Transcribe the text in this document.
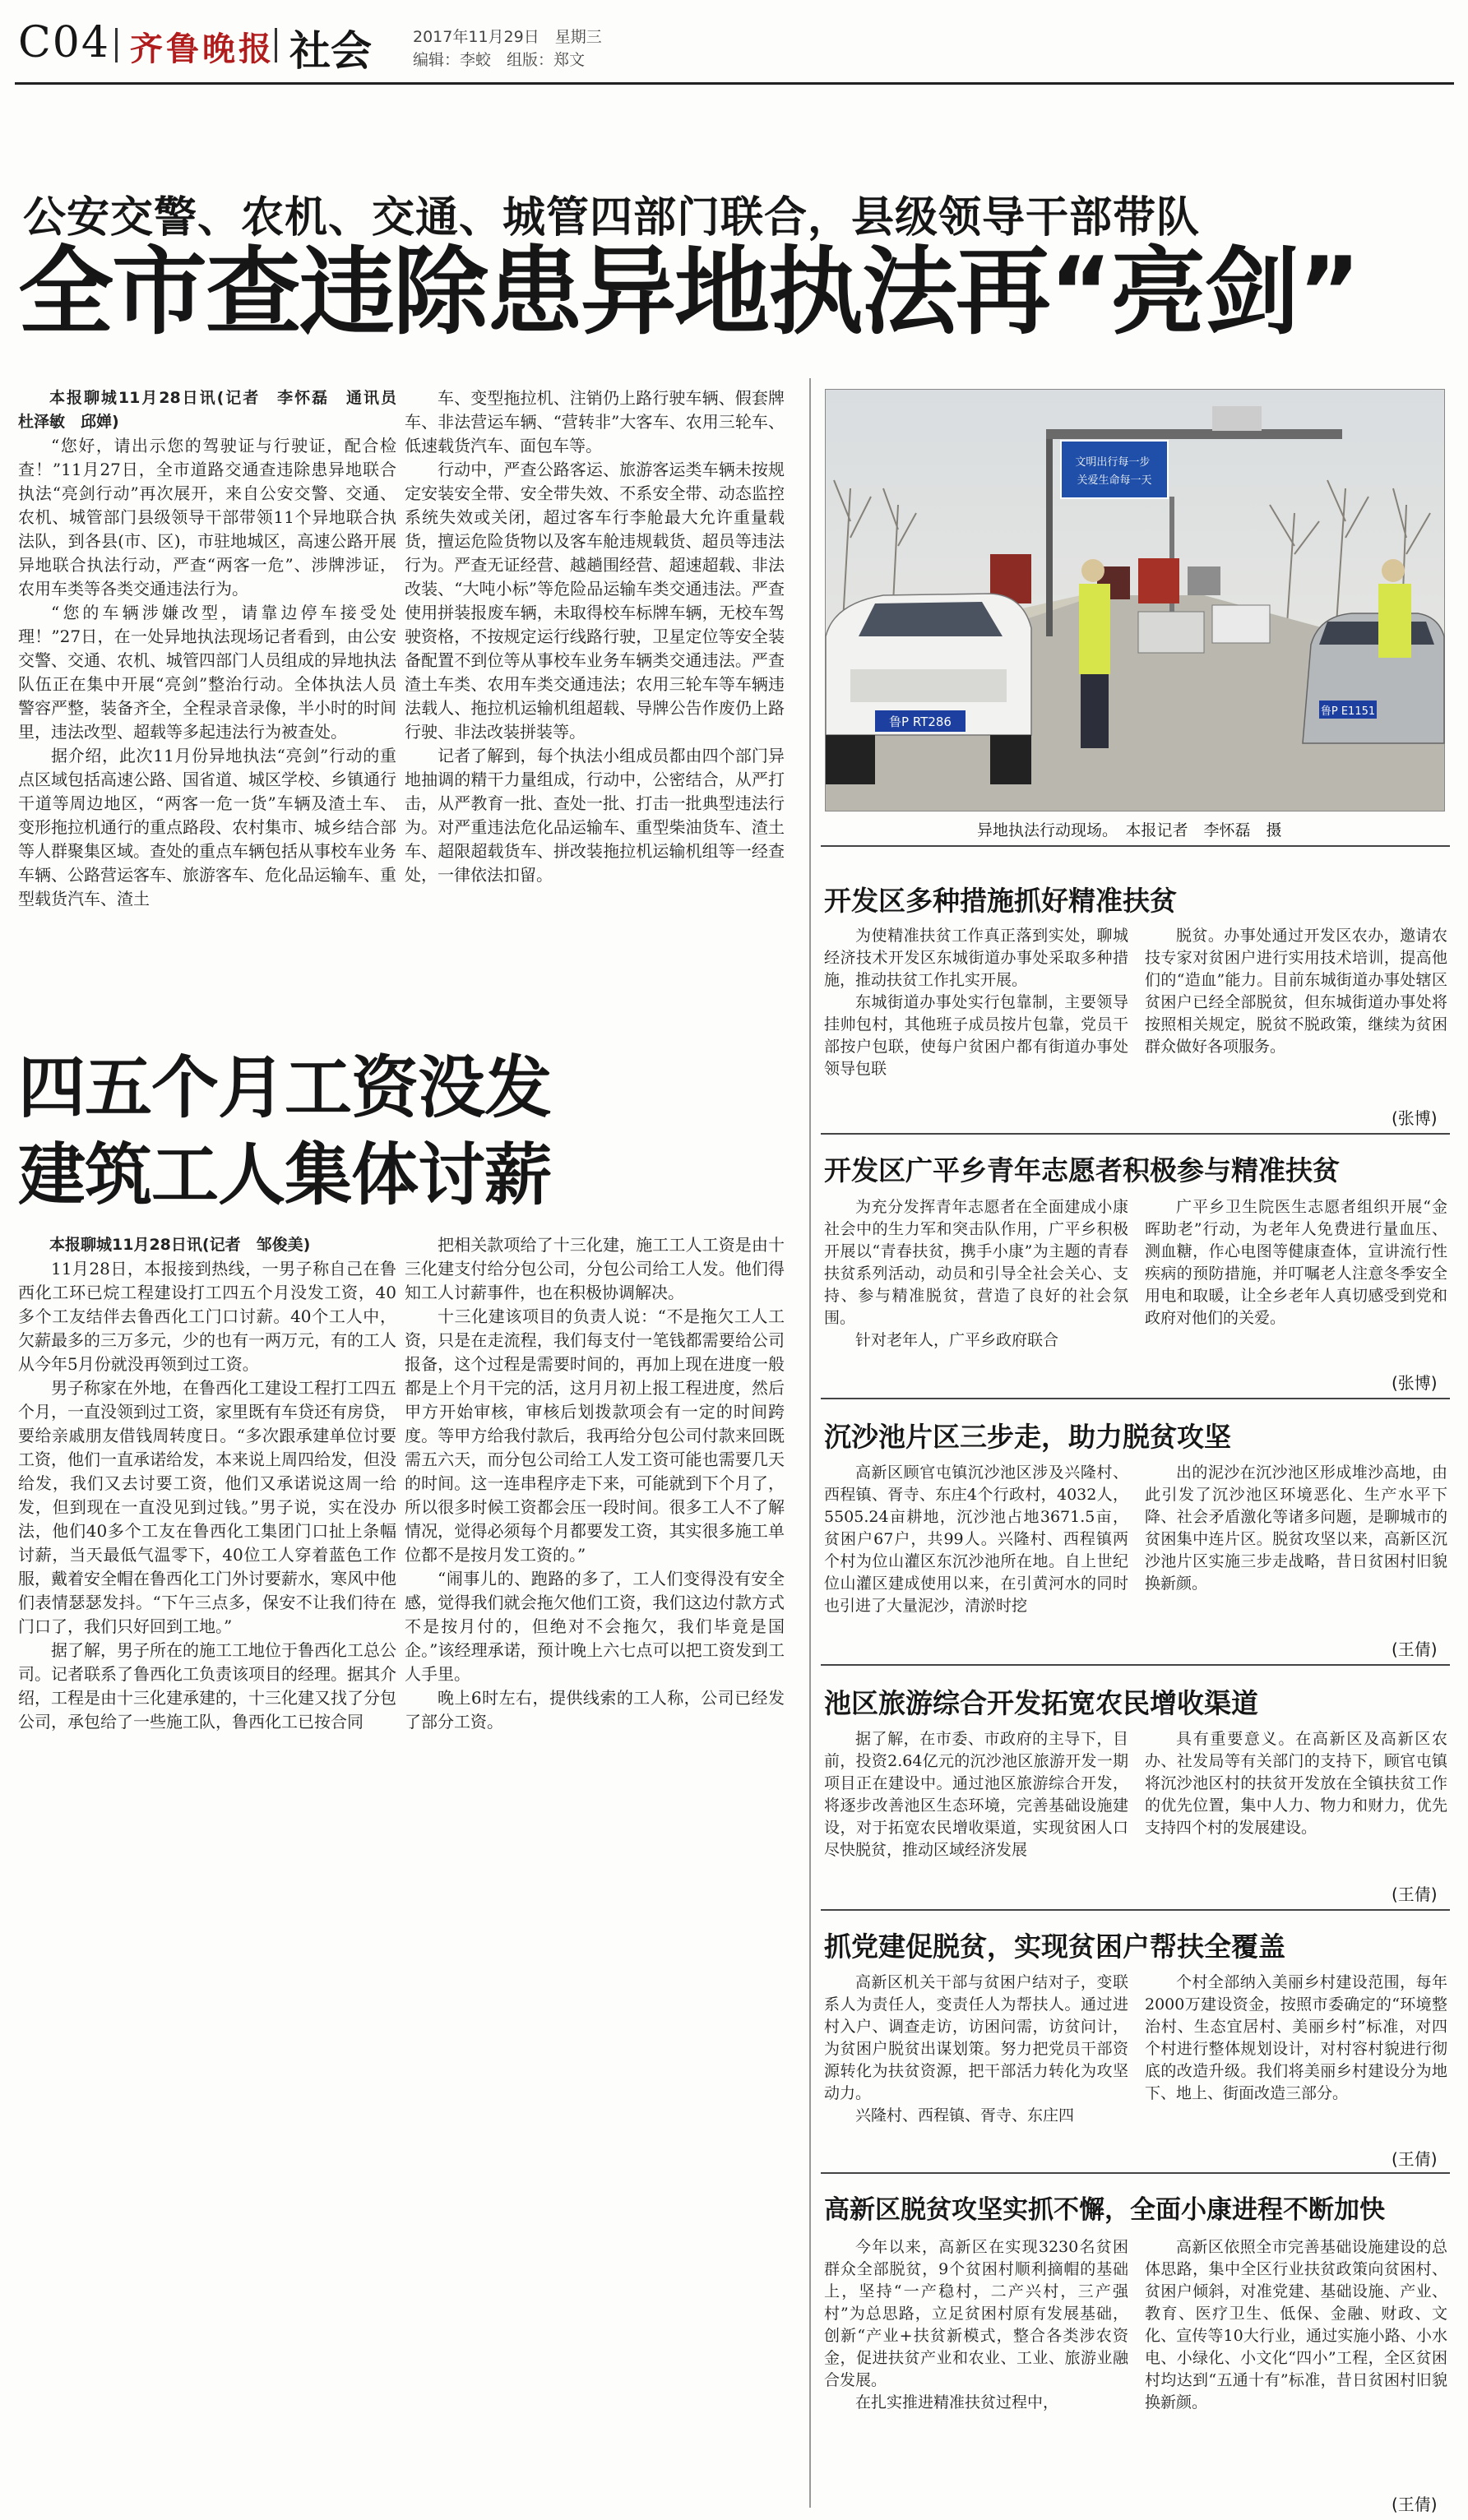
C04 齐鲁晚报 社会	2017年11月29日　星期三
编辑：李蛟　组版：郑文
公安交警、农机、交通、城管四部门联合，县级领导干部带队
全市查违除患异地执法再“亮剑”

本报聊城11月28日讯(记者　李怀磊　通讯员　杜泽敏　邱婵)

“您好，请出示您的驾驶证与行驶证，配合检查！”11月27日，全市道路交通查违除患异地联合执法“亮剑行动”再次展开，来自公安交警、交通、农机、城管部门县级领导干部带领11个异地联合执法队，到各县(市、区)，市驻地城区，高速公路开展异地联合执法行动，严查“两客一危”、涉牌涉证，农用车类等各类交通违法行为。

“您的车辆涉嫌改型，请靠边停车接受处理！”27日，在一处异地执法现场记者看到，由公安交警、交通、农机、城管四部门人员组成的异地执法队伍正在集中开展“亮剑”整治行动。全体执法人员警容严整，装备齐全，全程录音录像，半小时的时间里，违法改型、超载等多起违法行为被查处。

据介绍，此次11月份异地执法“亮剑”行动的重点区域包括高速公路、国省道、城区学校、乡镇通行干道等周边地区，“两客一危一货”车辆及渣土车、变形拖拉机通行的重点路段、农村集市、城乡结合部等人群聚集区域。查处的重点车辆包括从事校车业务车辆、公路营运客车、旅游客车、危化品运输车、重型载货汽车、渣土

车、变型拖拉机、注销仍上路行驶车辆、假套牌车、非法营运车辆、“营转非”大客车、农用三轮车、低速载货汽车、面包车等。

行动中，严查公路客运、旅游客运类车辆未按规定安装安全带、安全带失效、不系安全带、动态监控系统失效或关闭，超过客车行李舱最大允许重量载货，擅运危险货物以及客车舱违规载货、超员等违法行为。严查无证经营、越趟围经营、超速超载、非法改装、“大吨小标”等危险品运输车类交通违法。严查使用拼装报废车辆，未取得校车标牌车辆，无校车驾驶资格，不按规定运行线路行驶，卫星定位等安全装备配置不到位等从事校车业务车辆类交通违法。严查渣土车类、农用车类交通违法；农用三轮车等车辆违法载人、拖拉机运输机组超载、导牌公告作废仍上路行驶、非法改装拼装等。

记者了解到，每个执法小组成员都由四个部门异地抽调的精干力量组成，行动中，公密结合，从严打击，从严教育一批、查处一批、打击一批典型违法行为。对严重违法危化品运输车、重型柴油货车、渣土车、超限超载货车、拼改装拖拉机运输机组等一经查处，一律依法扣留。

文明出行每一步 关爱生命每一天
鲁P RT286
鲁P E1151
异地执法行动现场。　本报记者　李怀磊　摄
四五个月工资没发
建筑工人集体讨薪

本报聊城11月28日讯(记者　邹俊美)

11月28日，本报接到热线，一男子称自己在鲁西化工环已烷工程建设打工四五个月没发工资，40多个工友结伴去鲁西化工门口讨薪。40个工人中，欠薪最多的三万多元，少的也有一两万元，有的工人从今年5月份就没再领到过工资。

男子称家在外地，在鲁西化工建设工程打工四五个月，一直没领到过工资，家里既有车贷还有房贷，要给亲戚朋友借钱周转度日。“多次跟承建单位讨要工资，他们一直承诺给发，本来说上周四给发，但没给发，我们又去讨要工资，他们又承诺说这周一给发，但到现在一直没见到过钱。”男子说，实在没办法，他们40多个工友在鲁西化工集团门口扯上条幅讨薪，当天最低气温零下，40位工人穿着蓝色工作服，戴着安全帽在鲁西化工门外讨要薪水，寒风中他们表情瑟瑟发抖。“下午三点多，保安不让我们待在门口了，我们只好回到工地。”

据了解，男子所在的施工工地位于鲁西化工总公司。记者联系了鲁西化工负责该项目的经理。据其介绍，工程是由十三化建承建的，十三化建又找了分包公司，承包给了一些施工队，鲁西化工已按合同

把相关款项给了十三化建，施工工人工资是由十三化建支付给分包公司，分包公司给工人发。他们得知工人讨薪事件，也在积极协调解决。

十三化建该项目的负责人说：“不是拖欠工人工资，只是在走流程，我们每支付一笔钱都需要给公司报备，这个过程是需要时间的，再加上现在进度一般都是上个月干完的活，这月月初上报工程进度，然后甲方开始审核，审核后划拨款项会有一定的时间跨度。等甲方给我付款后，我再给分包公司付款来回既需五六天，而分包公司给工人发工资可能也需要几天的时间。这一连串程序走下来，可能就到下个月了，所以很多时候工资都会压一段时间。很多工人不了解情况，觉得必须每个月都要发工资，其实很多施工单位都不是按月发工资的。”

“闹事儿的、跑路的多了，工人们变得没有安全感，觉得我们就会拖欠他们工资，我们这边付款方式不是按月付的，但绝对不会拖欠，我们毕竟是国企。”该经理承诺，预计晚上六七点可以把工资发到工人手里。

晚上6时左右，提供线索的工人称，公司已经发了部分工资。

开发区多种措施抓好精准扶贫

为使精准扶贫工作真正落到实处，聊城经济技术开发区东城街道办事处采取多种措施，推动扶贫工作扎实开展。

东城街道办事处实行包靠制，主要领导挂帅包村，其他班子成员按片包靠，党员干部按户包联，使每户贫困户都有街道办事处领导包联

脱贫。办事处通过开发区农办，邀请农技专家对贫困户进行实用技术培训，提高他们的“造血”能力。目前东城街道办事处辖区贫困户已经全部脱贫，但东城街道办事处将按照相关规定，脱贫不脱政策，继续为贫困群众做好各项服务。

(张博)
开发区广平乡青年志愿者积极参与精准扶贫

为充分发挥青年志愿者在全面建成小康社会中的生力军和突击队作用，广平乡积极开展以“青春扶贫，携手小康”为主题的青春扶贫系列活动，动员和引导全社会关心、支持、参与精准脱贫，营造了良好的社会氛围。

针对老年人，广平乡政府联合

广平乡卫生院医生志愿者组织开展“金晖助老”行动，为老年人免费进行量血压、测血糖，作心电图等健康查体，宣讲流行性疾病的预防措施，并叮嘱老人注意冬季安全用电和取暖，让全乡老年人真切感受到党和政府对他们的关爱。

(张博)
沉沙池片区三步走，助力脱贫攻坚

高新区顾官屯镇沉沙池区涉及兴隆村、西程镇、胥寺、东庄4个行政村，4032人，5505.24亩耕地，沉沙池占地3671.5亩，贫困户67户，共99人。兴隆村、西程镇两个村为位山灌区东沉沙池所在地。自上世纪位山灌区建成使用以来，在引黄河水的同时也引进了大量泥沙，清淤时挖

出的泥沙在沉沙池区形成堆沙高地，由此引发了沉沙池区环境恶化、生产水平下降、社会矛盾激化等诸多问题，是聊城市的贫困集中连片区。脱贫攻坚以来，高新区沉沙池片区实施三步走战略，昔日贫困村旧貌换新颜。

(王倩)
池区旅游综合开发拓宽农民增收渠道

据了解，在市委、市政府的主导下，目前，投资2.64亿元的沉沙池区旅游开发一期项目正在建设中。通过池区旅游综合开发，将逐步改善池区生态环境，完善基础设施建设，对于拓宽农民增收渠道，实现贫困人口尽快脱贫，推动区域经济发展

具有重要意义。在高新区及高新区农办、社发局等有关部门的支持下，顾官屯镇将沉沙池区村的扶贫开发放在全镇扶贫工作的优先位置，集中人力、物力和财力，优先支持四个村的发展建设。

(王倩)
抓党建促脱贫，实现贫困户帮扶全覆盖

高新区机关干部与贫困户结对子，变联系人为责任人，变责任人为帮扶人。通过进村入户、调查走访，访困问需，访贫问计，为贫困户脱贫出谋划策。努力把党员干部资源转化为扶贫资源，把干部活力转化为攻坚动力。

兴隆村、西程镇、胥寺、东庄四

个村全部纳入美丽乡村建设范围，每年2000万建设资金，按照市委确定的“环境整治村、生态宜居村、美丽乡村”标准，对四个村进行整体规划设计，对村容村貌进行彻底的改造升级。我们将美丽乡村建设分为地下、地上、街面改造三部分。

(王倩)
高新区脱贫攻坚实抓不懈，全面小康进程不断加快

今年以来，高新区在实现3230名贫困群众全部脱贫，9个贫困村顺利摘帽的基础上，坚持“一产稳村，二产兴村，三产强村”为总思路，立足贫困村原有发展基础，创新“产业+扶贫新模式，整合各类涉农资金，促进扶贫产业和农业、工业、旅游业融合发展。

在扎实推进精准扶贫过程中，

高新区依照全市完善基础设施建设的总体思路，集中全区行业扶贫政策向贫困村、贫困户倾斜，对准党建、基础设施、产业、教育、医疗卫生、低保、金融、财政、文化、宣传等10大行业，通过实施小路、小水电、小绿化、小文化“四小”工程，全区贫困村均达到“五通十有”标准，昔日贫困村旧貌换新颜。

(王倩)
